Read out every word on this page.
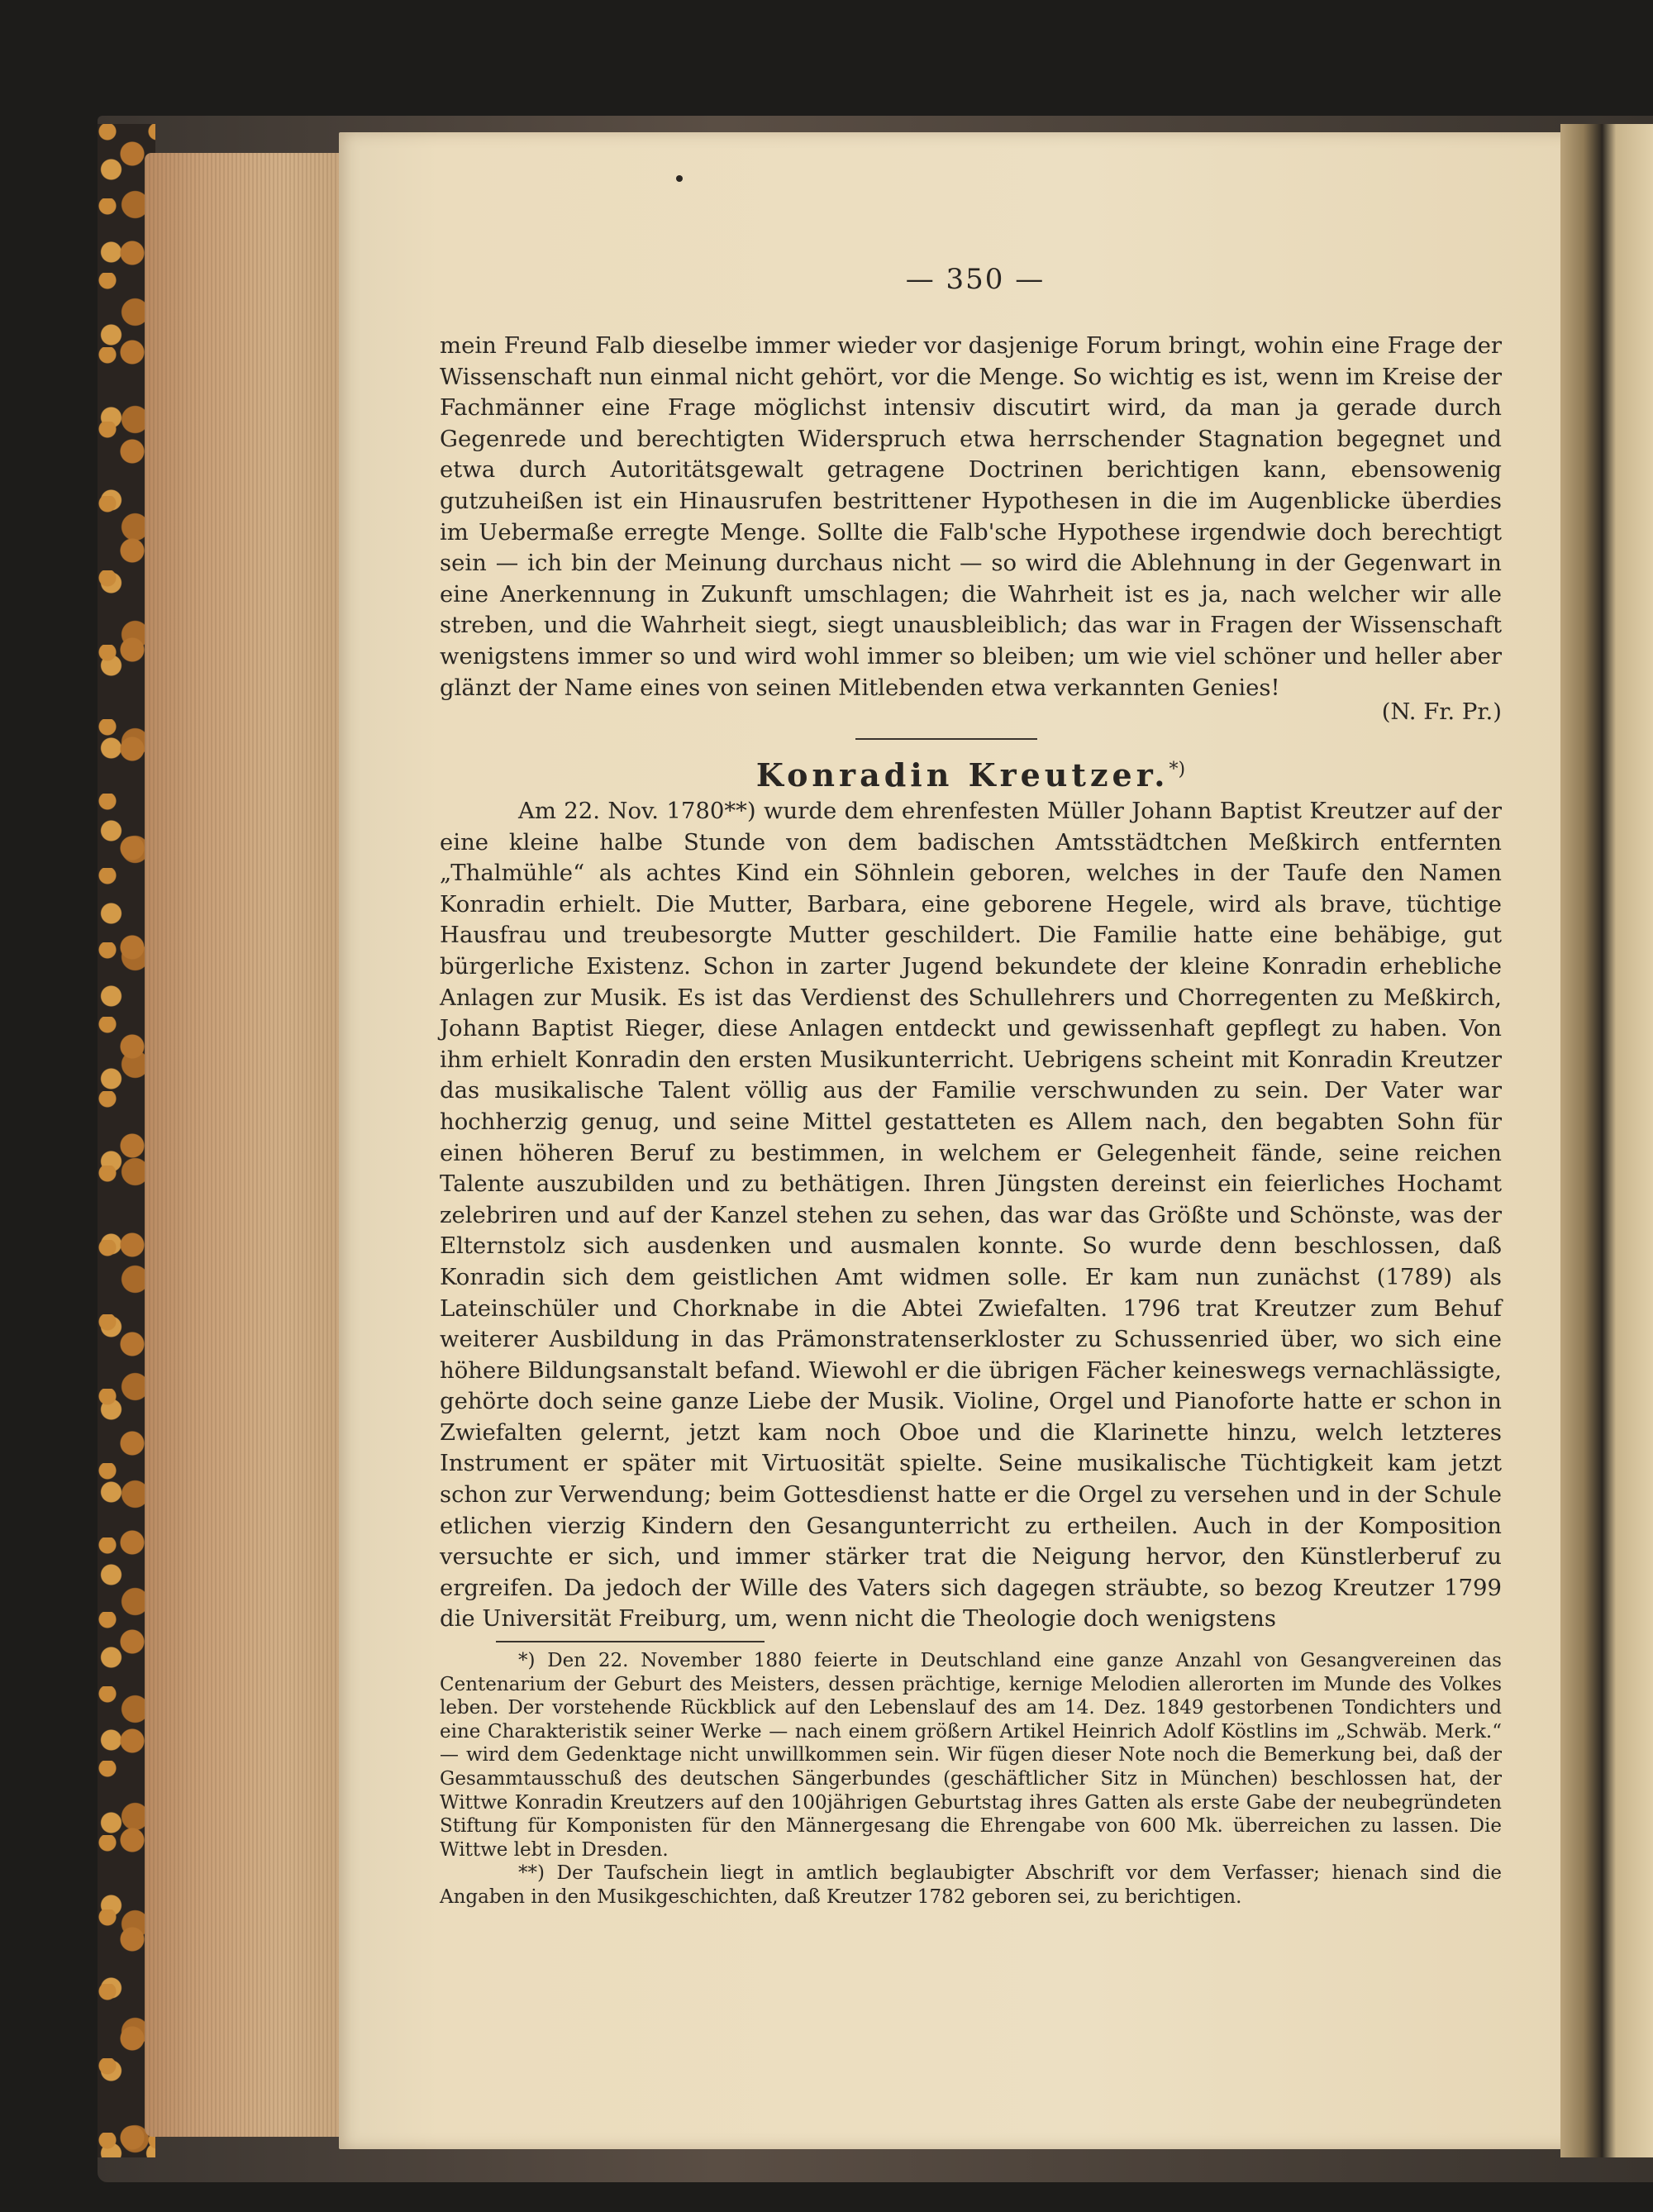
— 350 —
mein Freund Falb dieselbe immer wieder vor dasjenige Forum bringt, wohin eine Frage der Wissenschaft nun einmal nicht gehört, vor die Menge. So wichtig es ist, wenn im Kreise der Fachmänner eine Frage möglichst intensiv discutirt wird, da man ja gerade durch Gegenrede und berechtigten Widerspruch etwa herrschender Stagnation begegnet und etwa durch Autoritätsgewalt getragene Doctrinen berichtigen kann, ebensowenig gutzuheißen ist ein Hinausrufen bestrittener Hypothesen in die im Augenblicke überdies im Uebermaße erregte Menge. Sollte die Falb'sche Hypothese irgendwie doch berechtigt sein — ich bin der Meinung durchaus nicht — so wird die Ablehnung in der Gegenwart in eine Anerkennung in Zukunft umschlagen; die Wahrheit ist es ja, nach welcher wir alle streben, und die Wahrheit siegt, siegt unausbleiblich; das war in Fragen der Wissenschaft wenigstens immer so und wird wohl immer so bleiben; um wie viel schöner und heller aber glänzt der Name eines von seinen Mitlebenden etwa verkannten Genies!
(N. Fr. Pr.)
Konradin Kreutzer.*)
Am 22. Nov. 1780**) wurde dem ehrenfesten Müller Johann Baptist Kreutzer auf der eine kleine halbe Stunde von dem badischen Amtsstädtchen Meßkirch entfernten „Thalmühle“ als achtes Kind ein Söhnlein geboren, welches in der Taufe den Namen Konradin erhielt. Die Mutter, Barbara, eine geborene Hegele, wird als brave, tüchtige Hausfrau und treubesorgte Mutter geschildert. Die Familie hatte eine behäbige, gut bürgerliche Existenz. Schon in zarter Jugend bekundete der kleine Konradin erhebliche Anlagen zur Musik. Es ist das Verdienst des Schullehrers und Chorregenten zu Meßkirch, Johann Baptist Rieger, diese Anlagen entdeckt und gewissenhaft gepflegt zu haben. Von ihm erhielt Konradin den ersten Musikunterricht. Uebrigens scheint mit Konradin Kreutzer das musikalische Talent völlig aus der Familie verschwunden zu sein. Der Vater war hochherzig genug, und seine Mittel gestatteten es Allem nach, den begabten Sohn für einen höheren Beruf zu bestimmen, in welchem er Gelegenheit fände, seine reichen Talente auszubilden und zu bethätigen. Ihren Jüngsten dereinst ein feierliches Hochamt zelebriren und auf der Kanzel stehen zu sehen, das war das Größte und Schönste, was der Elternstolz sich ausdenken und ausmalen konnte. So wurde denn beschlossen, daß Konradin sich dem geistlichen Amt widmen solle. Er kam nun zunächst (1789) als Lateinschüler und Chorknabe in die Abtei Zwiefalten. 1796 trat Kreutzer zum Behuf weiterer Ausbildung in das Prämonstratenserkloster zu Schussenried über, wo sich eine höhere Bildungsanstalt befand. Wiewohl er die übrigen Fächer keineswegs vernachlässigte, gehörte doch seine ganze Liebe der Musik. Violine, Orgel und Pianoforte hatte er schon in Zwiefalten gelernt, jetzt kam noch Oboe und die Klarinette hinzu, welch letzteres Instrument er später mit Virtuosität spielte. Seine musikalische Tüchtigkeit kam jetzt schon zur Verwendung; beim Gottesdienst hatte er die Orgel zu versehen und in der Schule etlichen vierzig Kindern den Gesangunterricht zu ertheilen. Auch in der Komposition versuchte er sich, und immer stärker trat die Neigung hervor, den Künstlerberuf zu ergreifen. Da jedoch der Wille des Vaters sich dagegen sträubte, so bezog Kreutzer 1799 die Universität Freiburg, um, wenn nicht die Theologie doch wenigstens
*) Den 22. November 1880 feierte in Deutschland eine ganze Anzahl von Gesangvereinen das Centenarium der Geburt des Meisters, dessen prächtige, kernige Melodien allerorten im Munde des Volkes leben. Der vorstehende Rückblick auf den Lebenslauf des am 14. Dez. 1849 gestorbenen Tondichters und eine Charakteristik seiner Werke — nach einem größern Artikel Heinrich Adolf Köstlins im „Schwäb. Merk.“ — wird dem Gedenktage nicht unwillkommen sein. Wir fügen dieser Note noch die Bemerkung bei, daß der Gesammtausschuß des deutschen Sängerbundes (geschäftlicher Sitz in München) beschlossen hat, der Wittwe Konradin Kreutzers auf den 100jährigen Geburtstag ihres Gatten als erste Gabe der neubegründeten Stiftung für Komponisten für den Männergesang die Ehrengabe von 600 Mk. überreichen zu lassen. Die Wittwe lebt in Dresden.
**) Der Taufschein liegt in amtlich beglaubigter Abschrift vor dem Verfasser; hienach sind die Angaben in den Musikgeschichten, daß Kreutzer 1782 geboren sei, zu berichtigen.
